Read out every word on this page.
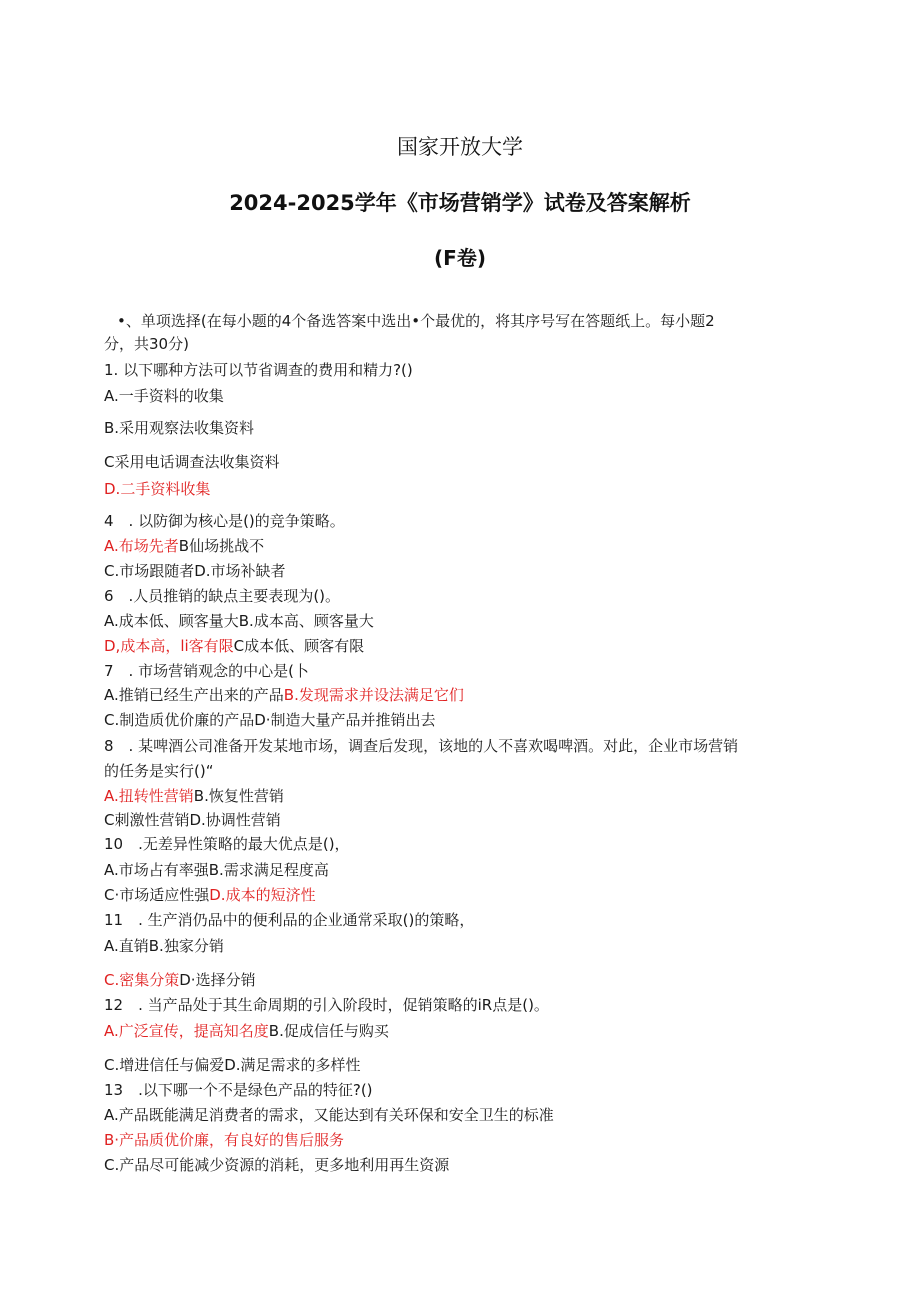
国家开放大学
2024-2025学年《市场营销学》试卷及答案解析
(F卷)
•、单项选择(在每小题的4个备选答案中选出•个最优的，将其序号写在答题纸上。每小题2
分，共30分)
1. 以下哪种方法可以节省调查的费用和精力?()
A.一手资料的收集
B.采用观察法收集资料
C采用电话调查法收集资料
D.二手资料收集
4　. 以防御为核心是()的竞争策略。
A.布场先者B仙场挑战不
C.市场跟随者D.市场补缺者
6　.人员推销的缺点主要表现为()。
A.成本低、顾客量大B.成本高、顾客量大
D,成本高，li客有限C成本低、顾客有限
7　. 市场营销观念的中心是(卜
A.推销已经生产出来的产品B.发现需求并设法满足它们
C.制造质优价廉的产品D·制造大量产品并推销出去
8　. 某啤酒公司准备开发某地市场，调查后发现，该地的人不喜欢喝啤酒。对此，企业市场营销
的任务是实行()“
A.扭转性营销B.恢复性营销
C刺激性营销D.协调性营销
10　.无差异性策略的最大优点是()，
A.市场占有率强B.需求满足程度高
C·市场适应性强D.成本的短济性
11　. 生产消仍品中的便利品的企业通常采取()的策略，
A.直销B.独家分销
C.密集分策D·选择分销
12　. 当产品处于其生命周期的引入阶段时，促销策略的iR点是()。
A.广泛宣传，提高知名度B.促成信任与购买
C.增进信任与偏爱D.满足需求的多样性
13　.以下哪一个不是绿色产品的特征?()
A.产品既能满足消费者的需求，又能达到有关环保和安全卫生的标准
B·产品质优价廉，有良好的售后服务
C.产品尽可能减少资源的消耗，更多地利用再生资源
